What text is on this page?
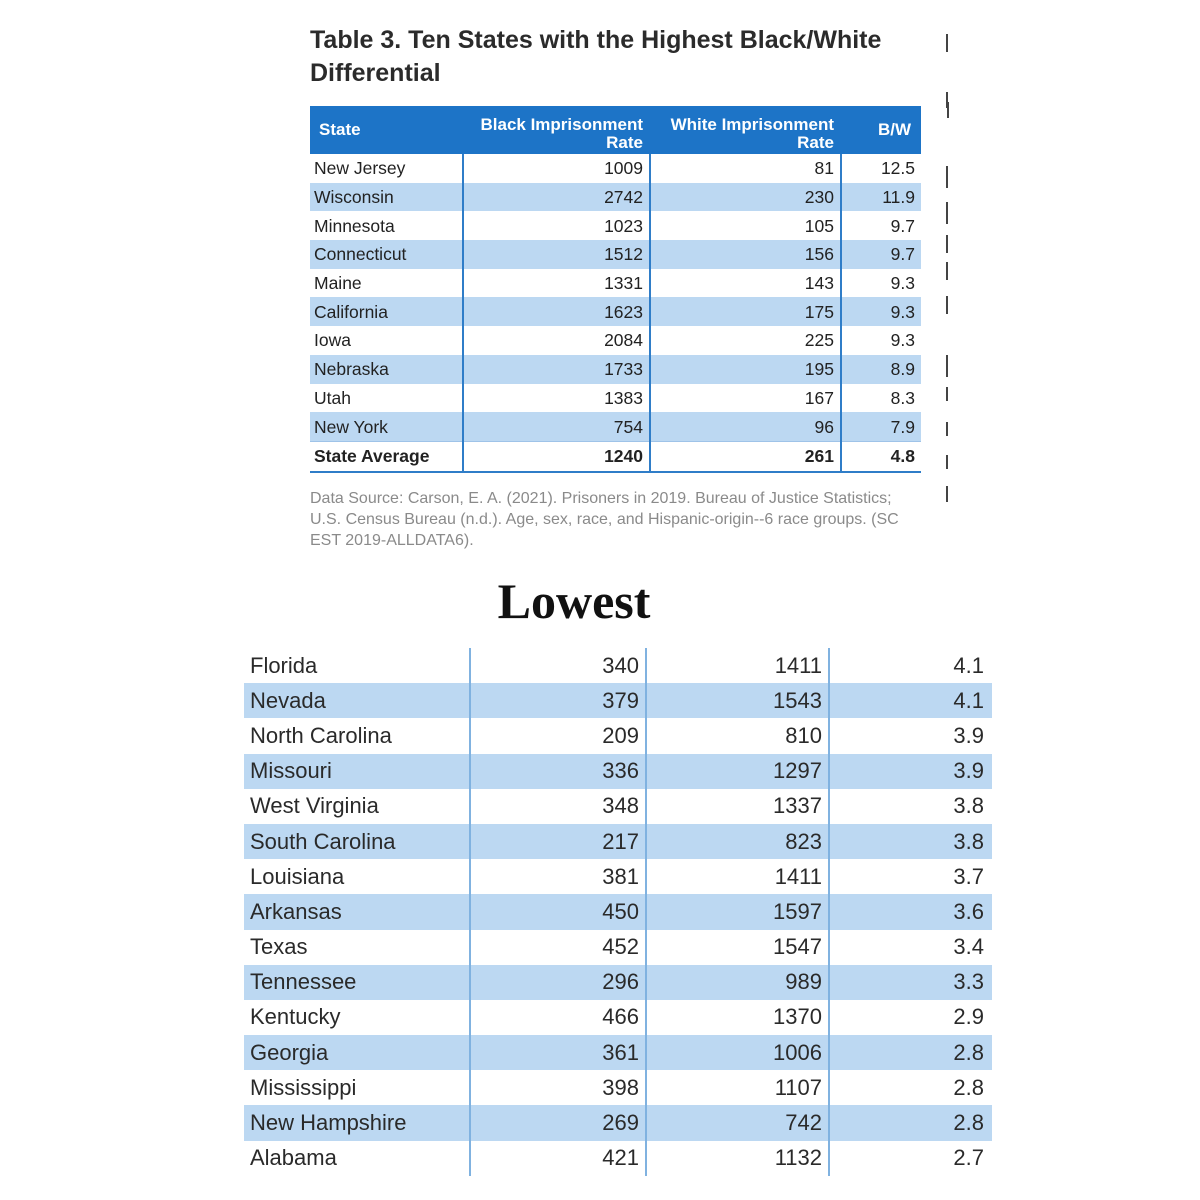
Table 3. Ten States with the Highest Black/White Differential
State	Black Imprisonment Rate	White Imprisonment Rate	B/W
New Jersey	1009	81	12.5
Wisconsin	2742	230	11.9
Minnesota	1023	105	9.7
Connecticut	1512	156	9.7
Maine	1331	143	9.3
California	1623	175	9.3
Iowa	2084	225	9.3
Nebraska	1733	195	8.9
Utah	1383	167	8.3
New York	754	96	7.9
State Average	1240	261	4.8
Data Source: Carson, E. A. (2021). Prisoners in 2019. Bureau of Justice Statistics; U.S. Census Bureau (n.d.). Age, sex, race, and Hispanic-origin--6 race groups. (SC EST 2019-ALLDATA6).
Lowest
Florida	340	1411	4.1
Nevada	379	1543	4.1
North Carolina	209	810	3.9
Missouri	336	1297	3.9
West Virginia	348	1337	3.8
South Carolina	217	823	3.8
Louisiana	381	1411	3.7
Arkansas	450	1597	3.6
Texas	452	1547	3.4
Tennessee	296	989	3.3
Kentucky	466	1370	2.9
Georgia	361	1006	2.8
Mississippi	398	1107	2.8
New Hampshire	269	742	2.8
Alabama	421	1132	2.7
